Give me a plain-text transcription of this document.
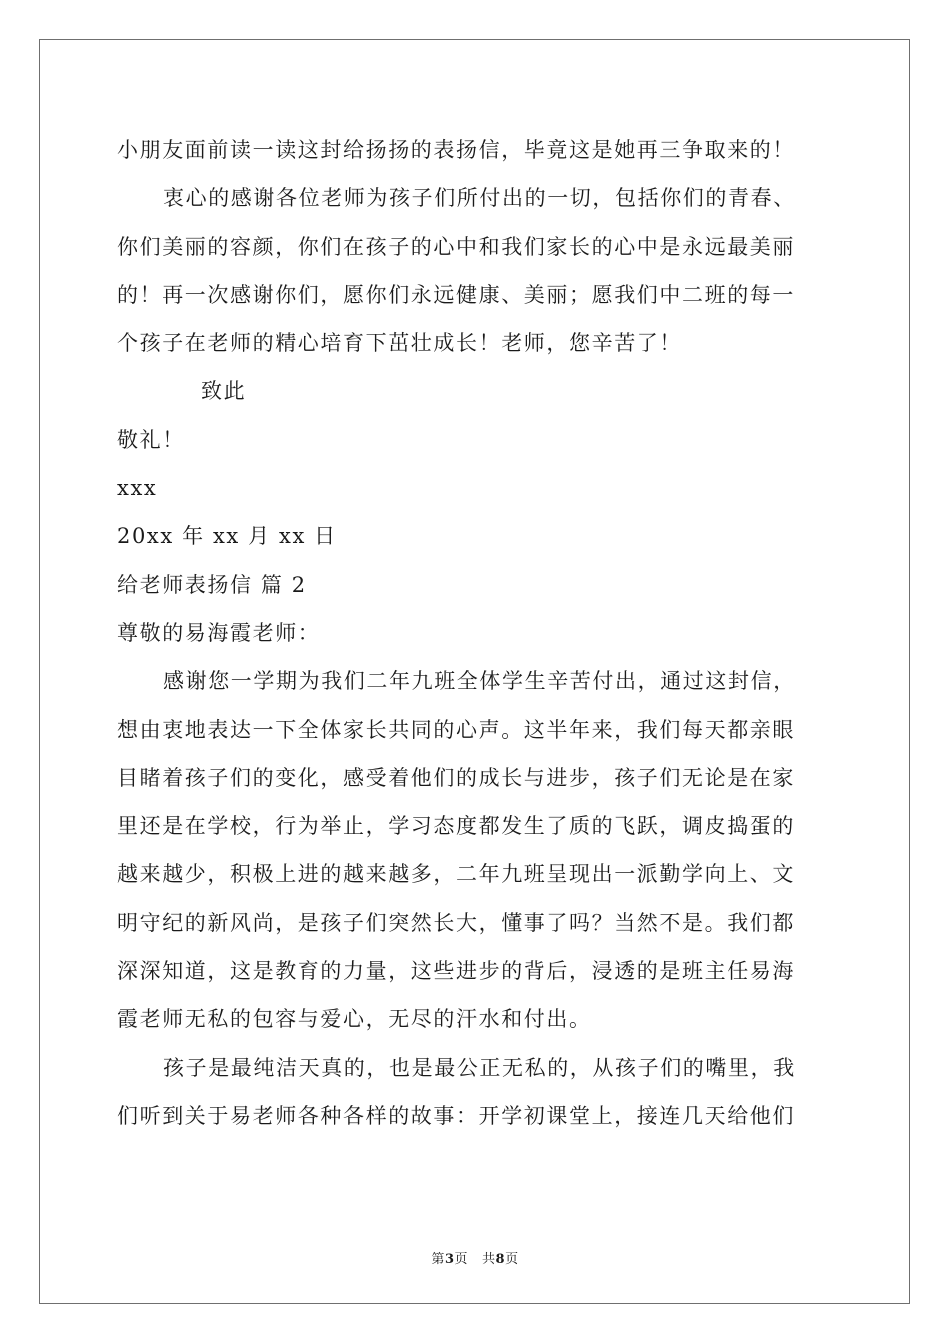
小朋友面前读一读这封给扬扬的表扬信，毕竟这是她再三争取来的！

衷心的感谢各位老师为孩子们所付出的一切，包括你们的青春、

你们美丽的容颜，你们在孩子的心中和我们家长的心中是永远最美丽

的！再一次感谢你们，愿你们永远健康、美丽；愿我们中二班的每一

个孩子在老师的精心培育下茁壮成长！老师，您辛苦了！

致此

敬礼！

xxx

20xx 年 xx 月 xx 日

给老师表扬信 篇 2

尊敬的易海霞老师：

感谢您一学期为我们二年九班全体学生辛苦付出，通过这封信，

想由衷地表达一下全体家长共同的心声。这半年来，我们每天都亲眼

目睹着孩子们的变化，感受着他们的成长与进步，孩子们无论是在家

里还是在学校，行为举止，学习态度都发生了质的飞跃，调皮捣蛋的

越来越少，积极上进的越来越多，二年九班呈现出一派勤学向上、文

明守纪的新风尚，是孩子们突然长大，懂事了吗？当然不是。我们都

深深知道，这是教育的力量，这些进步的背后，浸透的是班主任易海

霞老师无私的包容与爱心，无尽的汗水和付出。

孩子是最纯洁天真的，也是最公正无私的，从孩子们的嘴里，我

们听到关于易老师各种各样的故事：开学初课堂上，接连几天给他们

第3页 共8页
